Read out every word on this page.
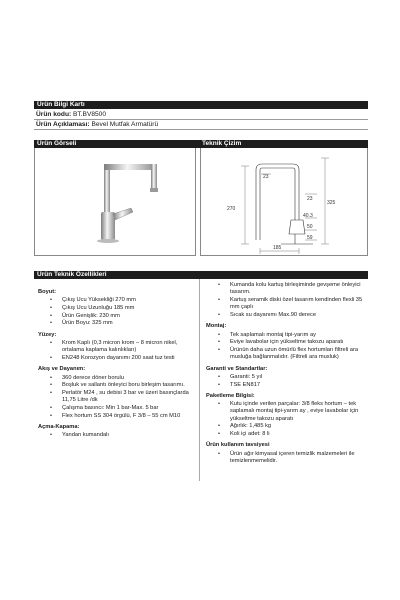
Ürün Bilgi Kartı
Ürün kodu: BT.BV8500
Ürün Açıklaması: Bevel Mutfak Armatürü
Ürün Görseli	Teknik Çizim
23
23
325
270
40.3
50
185
59
Ürün Teknik Özellikleri
Boyut:
• Çıkış Ucu Yüksekliği 270 mm
• Çıkış Ucu Uzunluğu 185 mm
• Ürün Genişlik: 230 mm
• Ürün Boyu: 325 mm
Yüzey:
• Krom Kaplı (0,3 micron krom – 8 micron nikel, ortalama kaplama kalınlıkları)
• EN248 Korozyon dayanımı 200 saat tuz testi
Akış ve Dayanım:
• 360 derece döner borulu
• Boşluk ve sallantı önleyici boru birleşim tasarımı.
• Perlatör M24 , su debisi 3 bar ve üzeri basınçlarda 11,75 Litre /dk
• Çalışma basıncı: Min 1 bar-Max. 5 bar
• Flex hortum SS 304 örgülü, F 3/8 – 55 cm M10
Açma-Kapama:
• Yandan kumandalı
• Kumanda kolu kartuş birleşiminde gevşeme önleyici tasarım.
• Kartuş seramik diski özel tasarım kendinden flexli 35 mm çaplı
• Sıcak su dayanımı Max.90 derece
Montaj:
• Tek saplamalı montaj tipi-yarım ay
• Eviye lavabolar için yükseltme takozu aparatı
• Ürünün daha uzun ömürlü flex hortumları filtreli ara musluğa bağlanmalıdır. (Filtreli ara musluk)
Garanti ve Standartlar:
• Garanti: 5 yıl
• TSE EN817
Paketleme Bilgisi:
• Kutu içinde verilen parçalar: 3/8 fleks hortum – tek saplamalı montaj tipi-yarım ay , eviye lavabolar için yükseltme takozu aparatı
• Ağırlık: 1,485 kg
• Koli içi adet: 8 li
Ürün kullanım tavsiyesi
• Ürün ağır kimyasal içeren temizlik malzemeleri ile temizlenmemelidir.
